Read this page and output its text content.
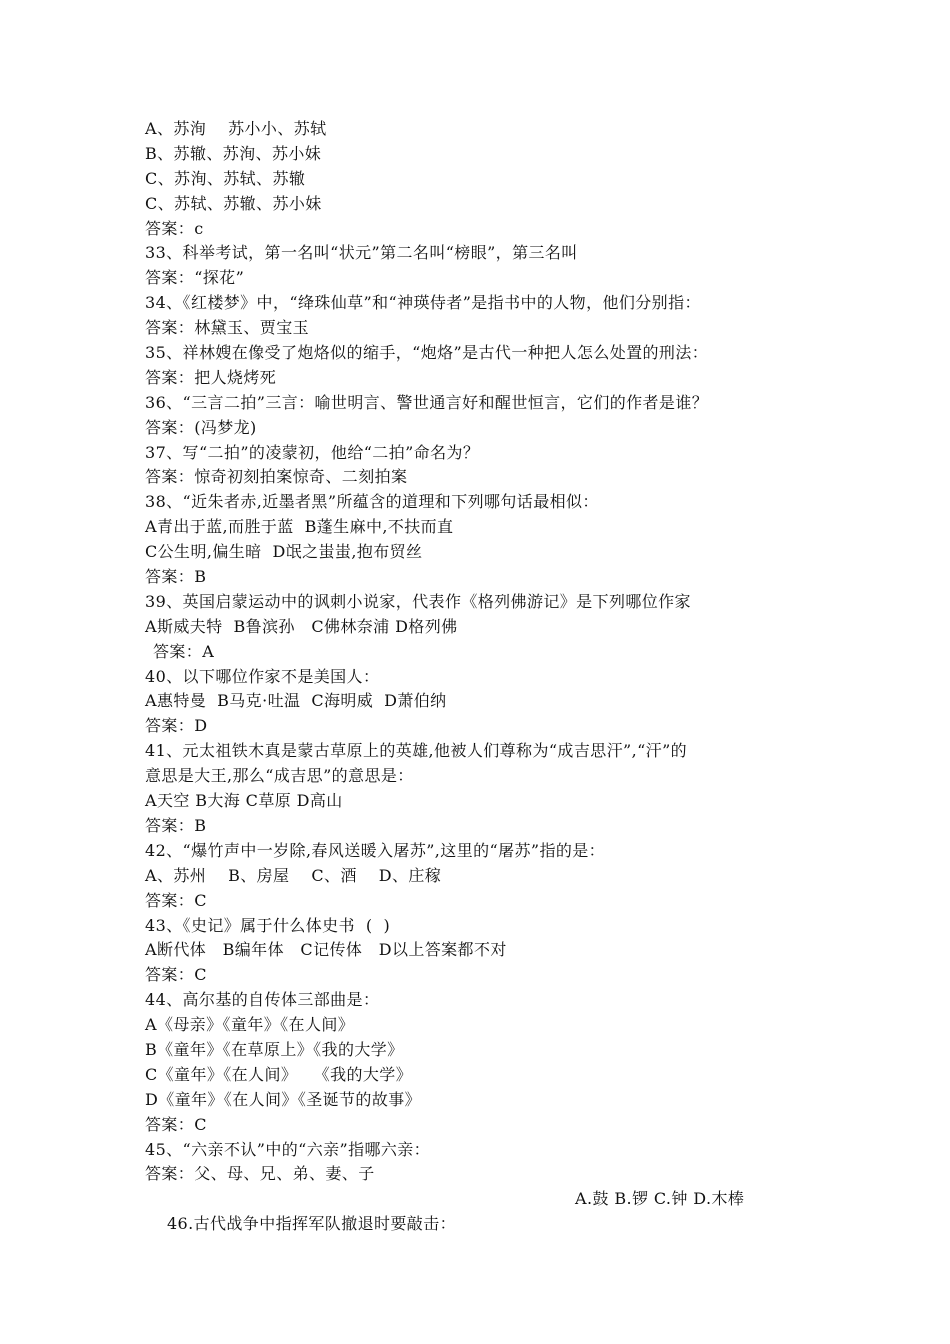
A、苏洵    苏小小、苏轼
B、苏辙、苏洵、苏小妹
C、苏洵、苏轼、苏辙
C、苏轼、苏辙、苏小妹
答案：c
33、科举考试，第一名叫“状元”第二名叫“榜眼”，第三名叫
答案：“探花”
34、《红楼梦》中，“绛珠仙草”和“神瑛侍者”是指书中的人物，他们分别指：
答案：林黛玉、贾宝玉
35、祥林嫂在像受了炮烙似的缩手，“炮烙”是古代一种把人怎么处置的刑法：
答案：把人烧烤死
36、“三言二拍”三言：喻世明言、警世通言好和醒世恒言，它们的作者是谁？
答案：(冯梦龙)
37、写“二拍”的凌蒙初，他给“二拍”命名为？
答案：惊奇初刻拍案惊奇、二刻拍案
38、“近朱者赤,近墨者黑”所蕴含的道理和下列哪句话最相似：
A青出于蓝,而胜于蓝  B蓬生麻中,不扶而直
C公生明,偏生暗  D氓之蚩蚩,抱布贸丝
答案：B
39、英国启蒙运动中的讽刺小说家，代表作《格列佛游记》是下列哪位作家
A斯威夫特  B鲁滨孙   C佛林奈浦 D格列佛
答案：A
40、以下哪位作家不是美国人：
A惠特曼  B马克·吐温  C海明威  D萧伯纳
答案：D
41、元太祖铁木真是蒙古草原上的英雄,他被人们尊称为“成吉思汗”,“汗”的
意思是大王,那么“成吉思”的意思是：
A天空 B大海 C草原 D高山
答案：B
42、“爆竹声中一岁除,春风送暖入屠苏”,这里的“屠苏”指的是：
A、苏州    B、房屋    C、酒    D、庄稼
答案：C
43、《史记》属于什么体史书  (  )
A断代体   B编年体   C记传体   D以上答案都不对
答案：C
44、高尔基的自传体三部曲是：
A《母亲》《童年》《在人间》
B《童年》《在草原上》《我的大学》
C《童年》《在人间》   《我的大学》
D《童年》《在人间》《圣诞节的故事》
答案：C
45、“六亲不认”中的“六亲”指哪六亲：
答案：父、母、兄、弟、妻、子

46.古代战争中指挥军队撤退时要敲击：

A.鼓 B.锣 C.钟 D.木棒
